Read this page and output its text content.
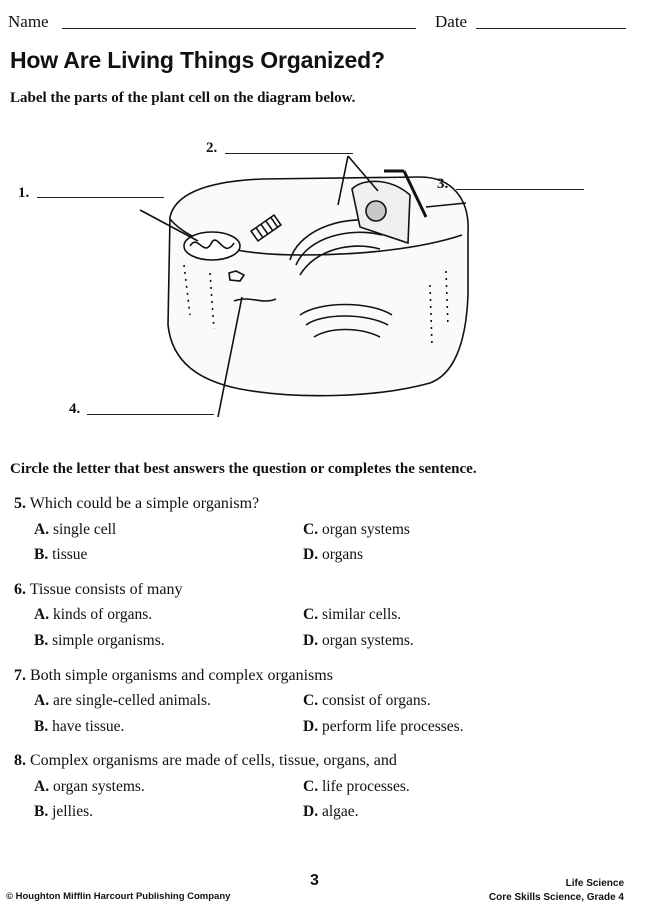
Name	Date
How Are Living Things Organized?
Label the parts of the plant cell on the diagram below.
1.
2.
3.
4.
Circle the letter that best answers the question or completes the sentence.
5. Which could be a simple organism?
A. single cell
B. tissue
C. organ systems
D. organs
6. Tissue consists of many
A. kinds of organs.
B. simple organisms.
C. similar cells.
D. organ systems.
7. Both simple organisms and complex organisms
A. are single-celled animals.
B. have tissue.
C. consist of organs.
D. perform life processes.
8. Complex organisms are made of cells, tissue, organs, and
A. organ systems.
B. jellies.
C. life processes.
D. algae.
3
© Houghton Mifflin Harcourt Publishing Company
Life Science
Core Skills Science, Grade 4
